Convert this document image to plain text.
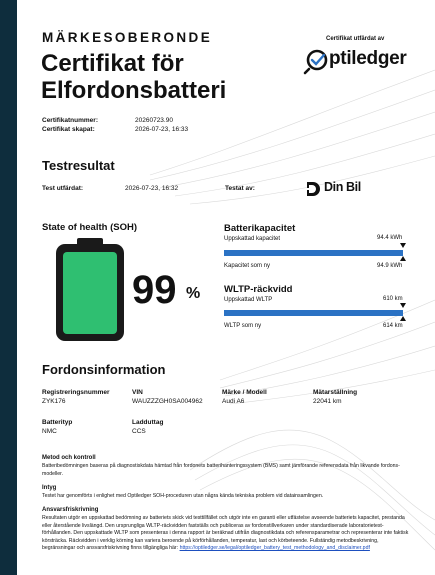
MÄRKESOBERONDE
Certifikat för Elfordonsbatteri
Certifikat utfärdat av
ptiledger
Certifikatnummer:	20260723.90
Certifikat skapat:	2026-07-23, 16:33
Testresultat
Test utfärdat:	2026-07-23, 16:32	Testat av:	Din Bil
State of health (SOH)
99 %
Batterikapacitet
Uppskattad kapacitet	94.4 kWh
Kapacitet som ny	94.9 kWh
WLTP-räckvidd
Uppskattad WLTP	610 km
WLTP som ny	614 km
Fordonsinformation
Registreringsnummer
ZYK176
VIN
WAUZZZGH0SA004962
Märke / Modell
Audi A6
Mätarställning
22041 km
Batterityp
NMC
Ladduttag
CCS
Metod och kontroll
Batteribedömningen baseras på diagnostiskdata hämtad från fordonets batterihanteringssystem (BMS) samt jämförande referensdata från likvande fordons-modeller.
Intyg
Testet har genomförts i enlighet med Optiledger SOH-proceduren utan några kända tekniska problem vid datainsamlingen.
Ansvarsfriskrivning
Resultaten utgör en uppskattad bedömning av batteriets skick vid testtillfället och utgör inte en garanti eller utfästelse avseende batteriets kapacitet, prestanda eller återstående livslängd. Den ursprungliga WLTP-räckvidden fastställs och publiceras av fordonstillverkaren under standardiserade laboratorietest-förhållanden. Den uppskattade WLTP som presenteras i denna rapport är beräknad utifrån diagnostikdata och referensparametrar och representerar inte faktisk körsträcka. Räckvidden i verklig körning kan variera beroende på körförhållanden, temperatur, last och körbeteende. Fullständig metodbeskrivning, begränsningar och ansvarsfriskrivning finns tillgängliga här: https://optiledger.se/legal/optiledger_battery_test_methodology_and_disclaimer.pdf
